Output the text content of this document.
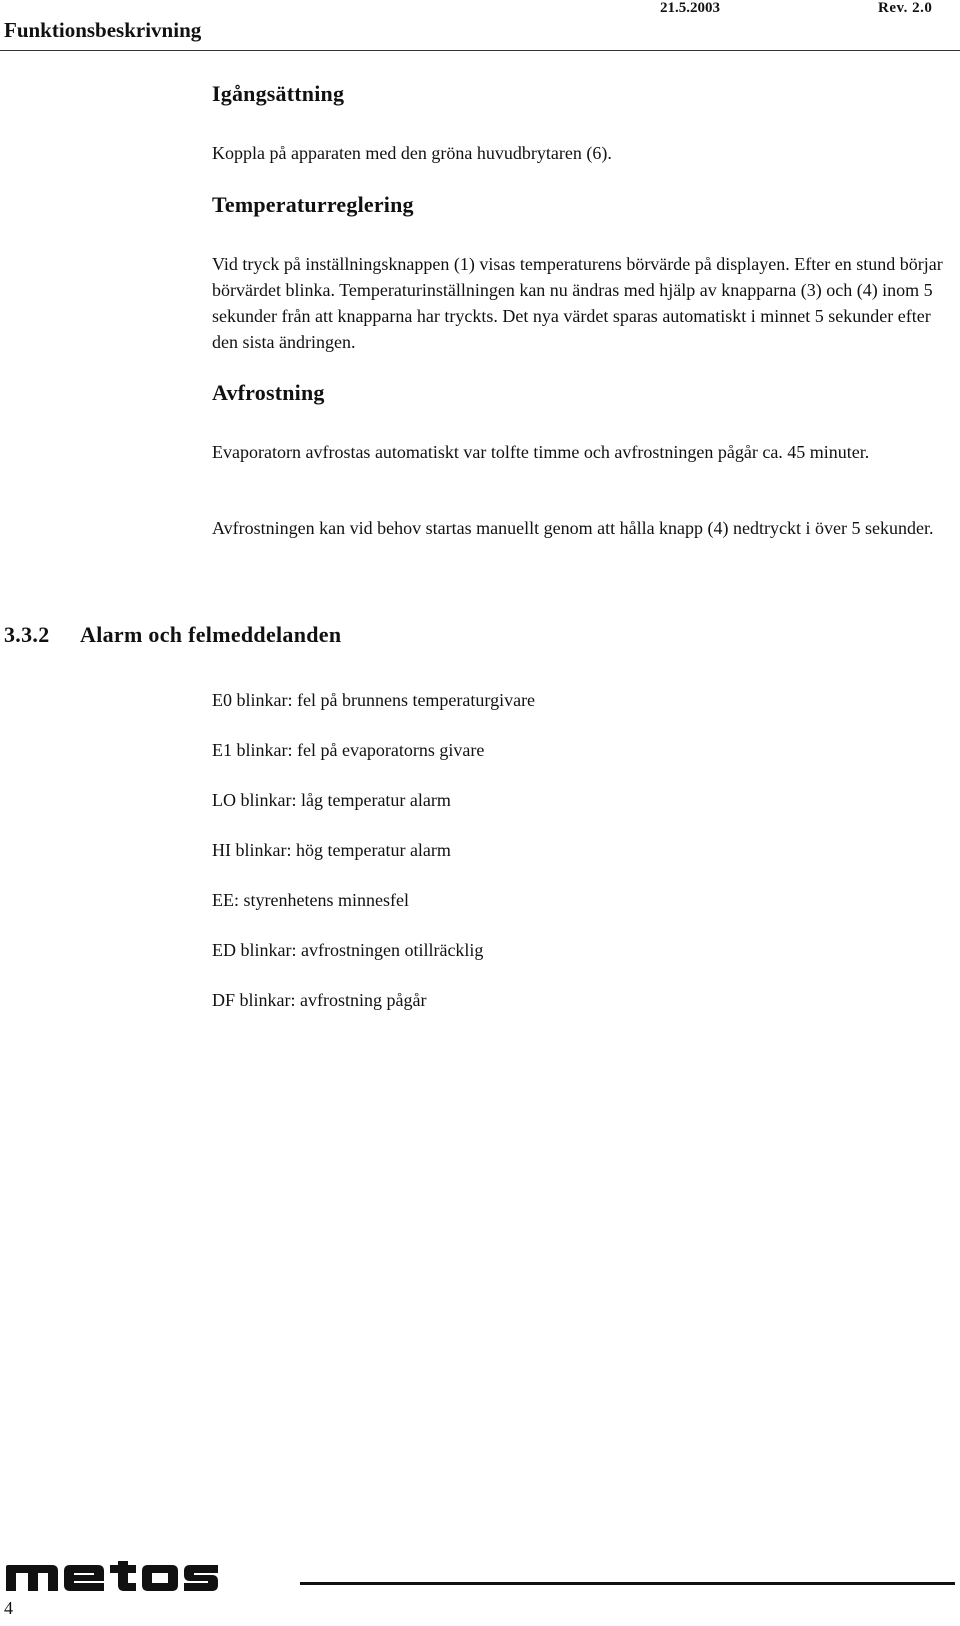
Funktionsbeskrivning
21.5.2003	Rev. 2.0
Igångsättning

Koppla på apparaten med den gröna huvudbrytaren (6).

Temperaturreglering

Vid tryck på inställningsknappen (1) visas temperaturens börvärde på displayen. Efter en stund börjar börvärdet blinka. Temperaturinställningen kan nu ändras med hjälp av knapparna (3) och (4) inom 5 sekunder från att knapparna har tryckts. Det nya värdet sparas automatiskt i minnet 5 sekunder efter den sista ändringen.

Avfrostning

Evaporatorn avfrostas automatiskt var tolfte timme och avfrostningen pågår ca. 45 minuter.

Avfrostningen kan vid behov startas manuellt genom att hålla knapp (4) nedtryckt i över 5 sekunder.

3.3.2 Alarm och felmeddelanden
E0 blinkar: fel på brunnens temperaturgivare
E1 blinkar: fel på evaporatorns givare
LO blinkar: låg temperatur alarm
HI blinkar: hög temperatur alarm
EE: styrenhetens minnesfel
ED blinkar: avfrostningen otillräcklig
DF blinkar: avfrostning pågår
4
